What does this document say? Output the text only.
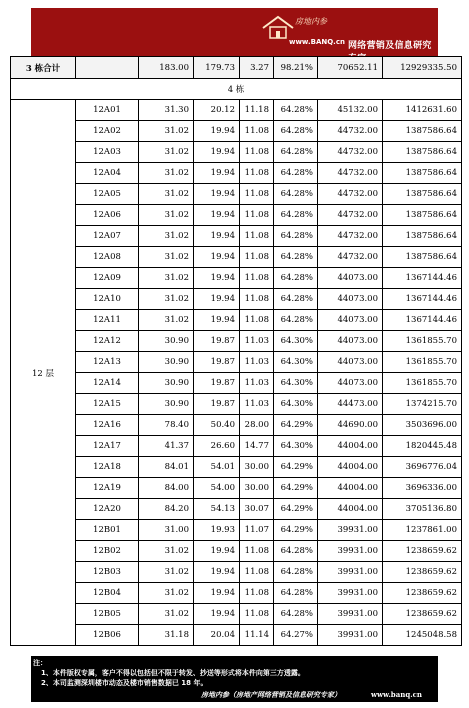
房地内参
www.BANQ.cn 网络营销及信息研究
3 栋合计		183.00	179.73	3.27	98.21%	70652.11	12929335.50
4 栋							
12 层	12A01	31.30	20.12	11.18	64.28%	45132.00	1412631.60
	12A02	31.02	19.94	11.08	64.28%	44732.00	1387586.64
	12A03	31.02	19.94	11.08	64.28%	44732.00	1387586.64
	12A04	31.02	19.94	11.08	64.28%	44732.00	1387586.64
	12A05	31.02	19.94	11.08	64.28%	44732.00	1387586.64
	12A06	31.02	19.94	11.08	64.28%	44732.00	1387586.64
	12A07	31.02	19.94	11.08	64.28%	44732.00	1387586.64
	12A08	31.02	19.94	11.08	64.28%	44732.00	1387586.64
	12A09	31.02	19.94	11.08	64.28%	44073.00	1367144.46
	12A10	31.02	19.94	11.08	64.28%	44073.00	1367144.46
	12A11	31.02	19.94	11.08	64.28%	44073.00	1367144.46
	12A12	30.90	19.87	11.03	64.30%	44073.00	1361855.70
	12A13	30.90	19.87	11.03	64.30%	44073.00	1361855.70
	12A14	30.90	19.87	11.03	64.30%	44073.00	1361855.70
	12A15	30.90	19.87	11.03	64.30%	44473.00	1374215.70
	12A16	78.40	50.40	28.00	64.29%	44690.00	3503696.00
	12A17	41.37	26.60	14.77	64.30%	44004.00	1820445.48
	12A18	84.01	54.01	30.00	64.29%	44004.00	3696776.04
	12A19	84.00	54.00	30.00	64.29%	44004.00	3696336.00
	12A20	84.20	54.13	30.07	64.29%	44004.00	3705136.80
	12B01	31.00	19.93	11.07	64.29%	39931.00	1237861.00
	12B02	31.02	19.94	11.08	64.28%	39931.00	1238659.62
	12B03	31.02	19.94	11.08	64.28%	39931.00	1238659.62
	12B04	31.02	19.94	11.08	64.28%	39931.00	1238659.62
	12B05	31.02	19.94	11.08	64.28%	39931.00	1238659.62
	12B06	31.18	20.04	11.14	64.27%	39931.00	1245048.58
注：
1、本件版权专属，客户不得以包括但不限于转发、抄送等形式将本件向第三方透露。
2、本司监测深圳楼市动态及楼市销售数据已 18 年。
房地内参（房地产网络营销及信息研究专家）	www.banq.cn
2
